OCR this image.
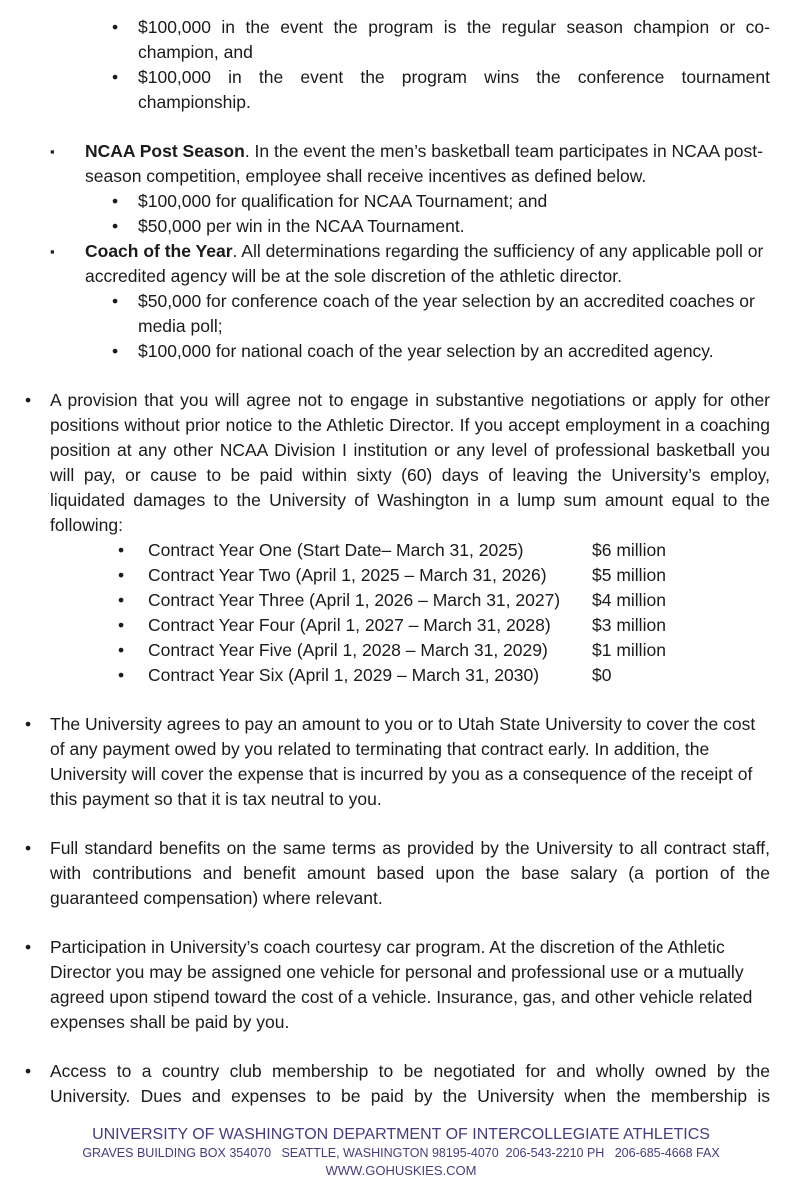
•	$100,000 in the event the program is the regular season champion or co-champion, and
•	$100,000 in the event the program wins the conference tournament championship.
▪	NCAA Post Season. In the event the men’s basketball team participates in NCAA post-season competition, employee shall receive incentives as defined below.
•	$100,000 for qualification for NCAA Tournament; and
•	$50,000 per win in the NCAA Tournament.
▪	Coach of the Year. All determinations regarding the sufficiency of any applicable poll or accredited agency will be at the sole discretion of the athletic director.
•	$50,000 for conference coach of the year selection by an accredited coaches or media poll;
•	$100,000 for national coach of the year selection by an accredited agency.
•	A provision that you will agree not to engage in substantive negotiations or apply for other positions without prior notice to the Athletic Director. If you accept employment in a coaching position at any other NCAA Division I institution or any level of professional basketball you will pay, or cause to be paid within sixty (60) days of leaving the University’s employ, liquidated damages to the University of Washington in a lump sum amount equal to the following:
•	Contract Year One (Start Date– March 31, 2025)	$6 million
•	Contract Year Two (April 1, 2025 – March 31, 2026)	$5 million
•	Contract Year Three (April 1, 2026 – March 31, 2027) $4 million
•	Contract Year Four (April 1, 2027 – March 31, 2028) $3 million
•	Contract Year Five (April 1, 2028 – March 31, 2029)	$1 million
•	Contract Year Six (April 1, 2029 – March 31, 2030)	$0
•	The University agrees to pay an amount to you or to Utah State University to cover the cost of any payment owed by you related to terminating that contract early. In addition, the University will cover the expense that is incurred by you as a consequence of the receipt of this payment so that it is tax neutral to you.
•	Full standard benefits on the same terms as provided by the University to all contract staff, with contributions and benefit amount based upon the base salary (a portion of the guaranteed compensation) where relevant.
•	Participation in University’s coach courtesy car program. At the discretion of the Athletic Director you may be assigned one vehicle for personal and professional use or a mutually agreed upon stipend toward the cost of a vehicle. Insurance, gas, and other vehicle related expenses shall be paid by you.
•	Access to a country club membership to be negotiated for and wholly owned by the University. Dues and expenses to be paid by the University when the membership is
UNIVERSITY OF WASHINGTON DEPARTMENT OF INTERCOLLEGIATE ATHLETICS
GRAVES BUILDING BOX 354070   SEATTLE, WASHINGTON 98195-4070  206-543-2210 PH   206-685-4668 FAX
WWW.GOHUSKIES.COM
